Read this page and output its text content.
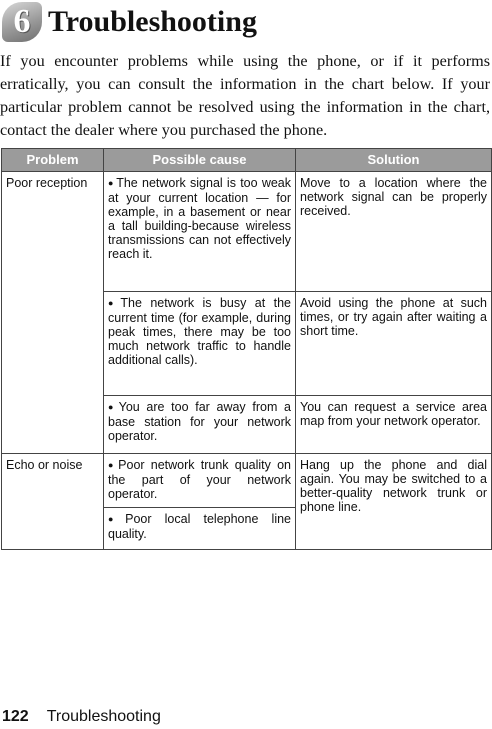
6 Troubleshooting

If you encounter problems while using the phone, or if it performs erratically, you can consult the information in the chart below. If your particular problem cannot be resolved using the information in the chart, contact the dealer where you purchased the phone.

Problem	Possible cause	Solution
Poor reception	● The network signal is too weak at your current location — for example, in a basement or near a tall building-because wireless transmissions can not effectively reach it.	Move to a location where the network signal can be properly received.
	● The network is busy at the current time (for example, during peak times, there may be too much network traffic to handle additional calls).	Avoid using the phone at such times, or try again after waiting a short time.
	● You are too far away from a base station for your network operator.	You can request a service area map from your network operator.
Echo or noise	● Poor network trunk quality on the part of your network operator.	Hang up the phone and dial again. You may be switched to a better-quality network trunk or phone line.
	● Poor local telephone line quality.	
122 Troubleshooting
